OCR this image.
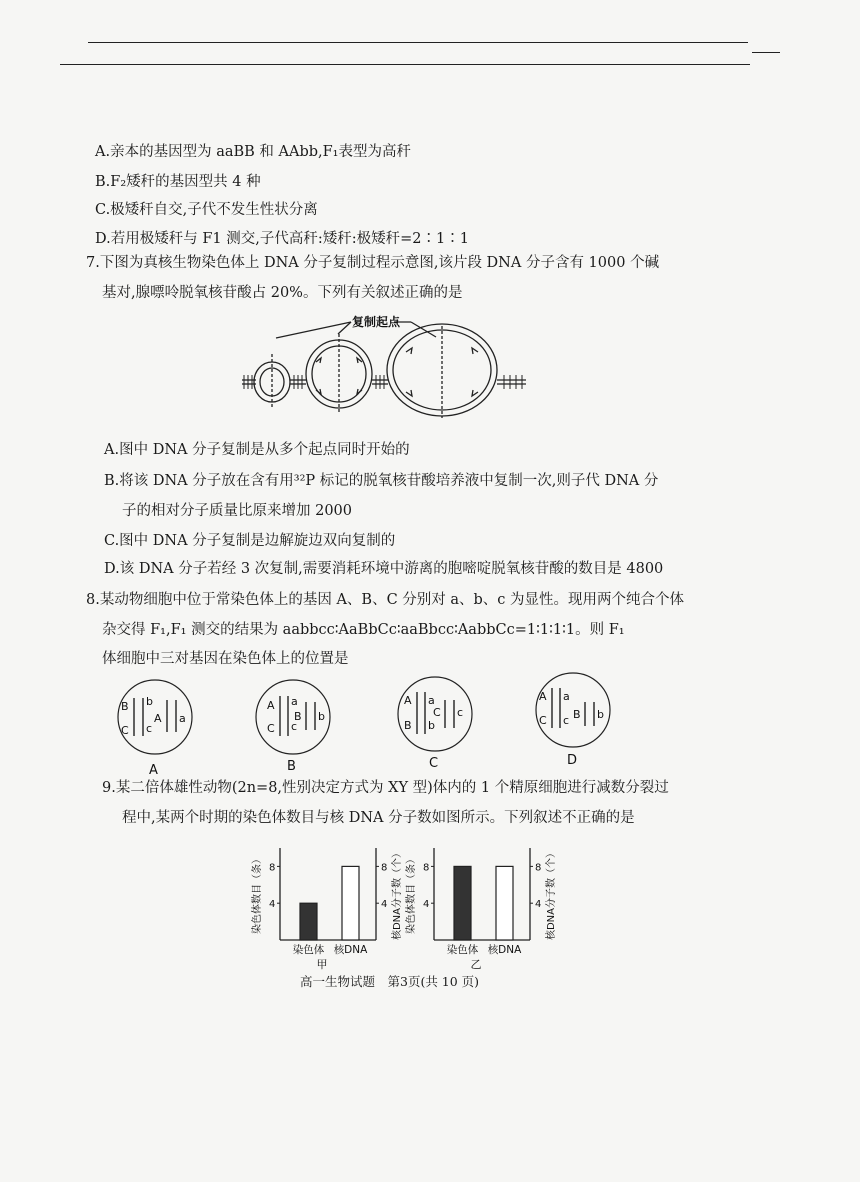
A.亲本的基因型为 aaBB 和 AAbb,F₁表型为高秆
B.F₂矮秆的基因型共 4 种
C.极矮秆自交,子代不发生性状分离
D.若用极矮秆与 F1 测交,子代高秆:矮秆:极矮秆=2∶1∶1
7.下图为真核生物染色体上 DNA 分子复制过程示意图,该片段 DNA 分子含有 1000 个碱
基对,腺嘌呤脱氧核苷酸占 20%。下列有关叙述正确的是
复制起点
A.图中 DNA 分子复制是从多个起点同时开始的
B.将该 DNA 分子放在含有用³²P 标记的脱氧核苷酸培养液中复制一次,则子代 DNA 分
子的相对分子质量比原来增加 2000
C.图中 DNA 分子复制是边解旋边双向复制的
D.该 DNA 分子若经 3 次复制,需要消耗环境中游离的胞嘧啶脱氧核苷酸的数目是 4800
8.某动物细胞中位于常染色体上的基因 A、B、C 分别对 a、b、c 为显性。现用两个纯合个体
杂交得 F₁,F₁ 测交的结果为 aabbcc∶AaBbCc∶aaBbcc∶AabbCc=1∶1∶1∶1。则 F₁
体细胞中三对基因在染色体上的位置是
B b
C c
A a
A a
C c
B b
A a
B b
C c
A a
C c B b
A	B	C	D
9.某二倍体雄性动物(2n=8,性别决定方式为 XY 型)体内的 1 个精原细胞进行减数分裂过
程中,某两个时期的染色体数目与核 DNA 分子数如图所示。下列叙述不正确的是
4	4
8	8
染色体 核DNA
染色体数目（条）	核DNA分子数（个）
甲
4	4
8	8
染色体 核DNA
染色体数目（条）	核DNA分子数（个）
乙
高一生物试题　第3页(共 10 页)
